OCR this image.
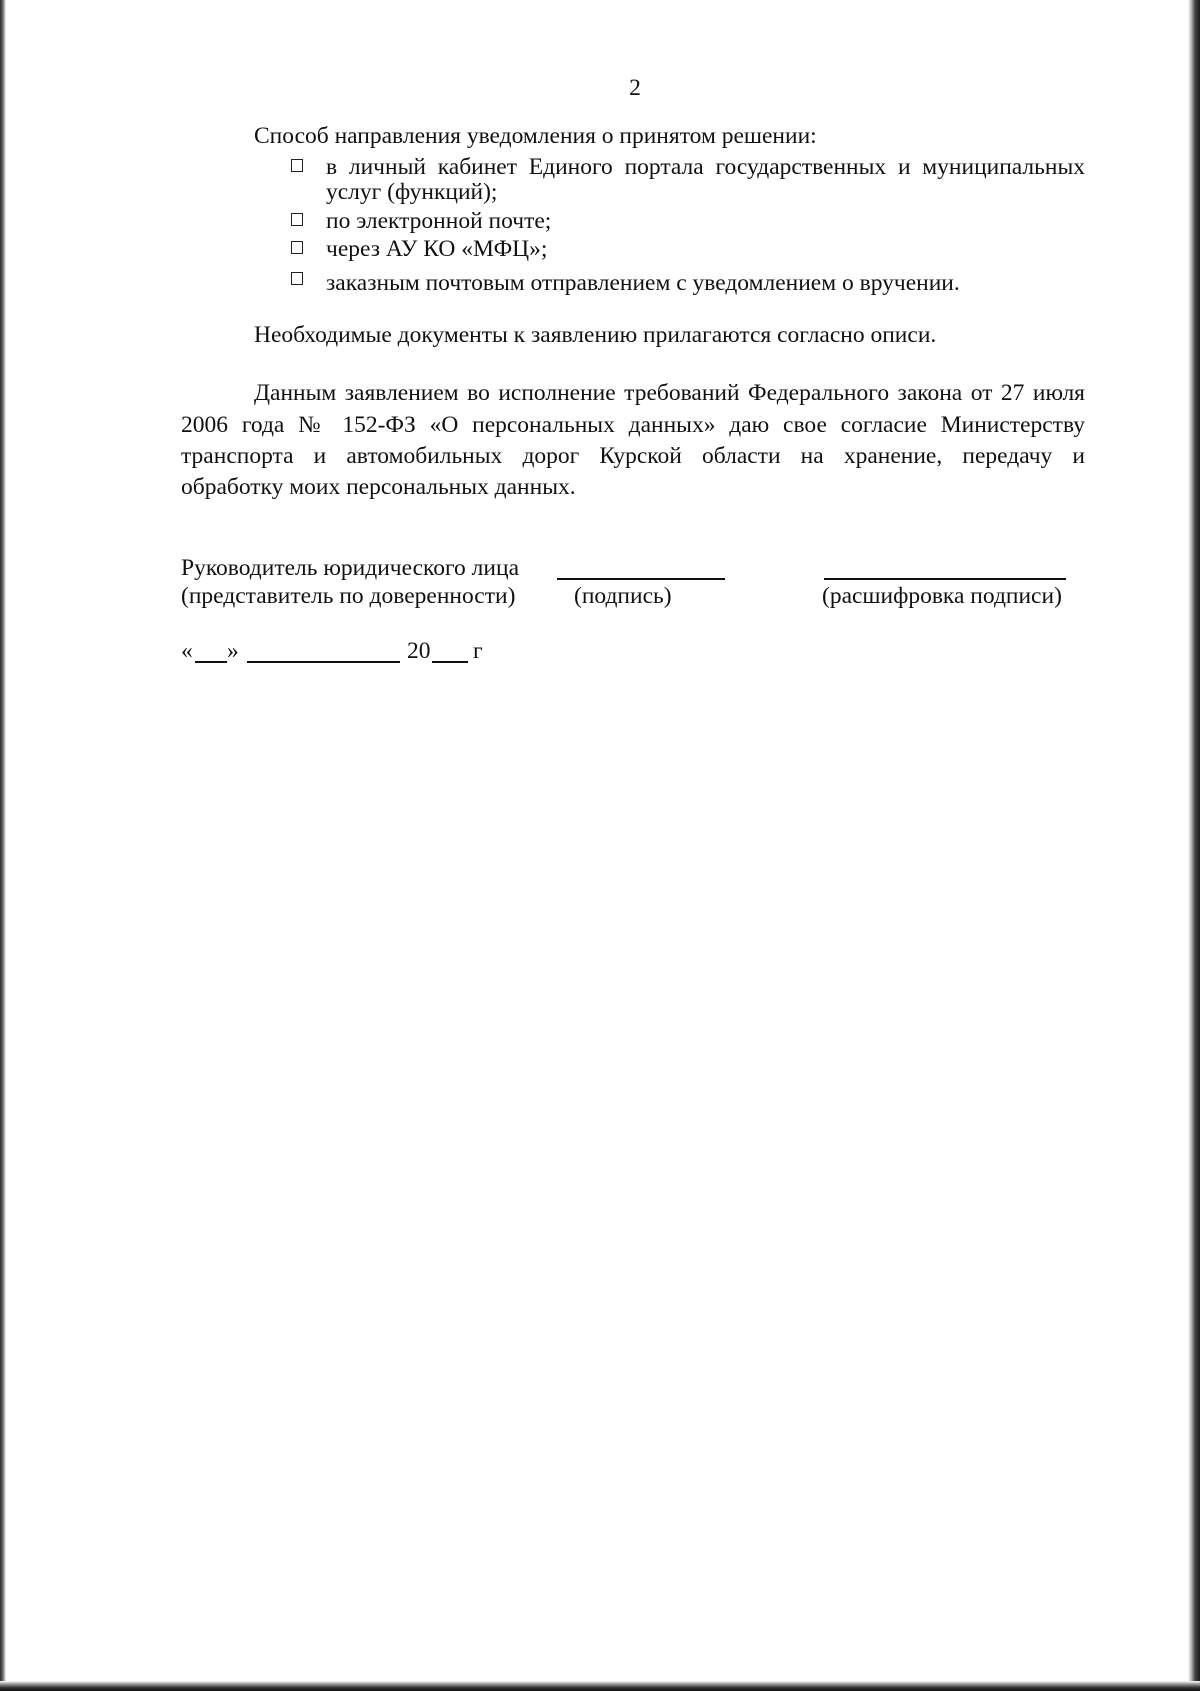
2
Способ направления уведомления о принятом решении:
в личный кабинет Единого портала государственных и муниципальных
услуг (функций);
по электронной почте;
через АУ КО «МФЦ»;
заказным почтовым отправлением с уведомлением о вручении.
Необходимые документы к заявлению прилагаются согласно описи.
Данным заявлением во исполнение требований Федерального закона от 27 июля
2006 года № 152-ФЗ «О персональных данных» даю свое согласие Министерству
транспорта и автомобильных дорог Курской области на хранение, передачу и
обработку моих персональных данных.
Руководитель юридического лица
(представитель по доверенности) (подпись)	(расшифровка подписи)
« »	20 г
